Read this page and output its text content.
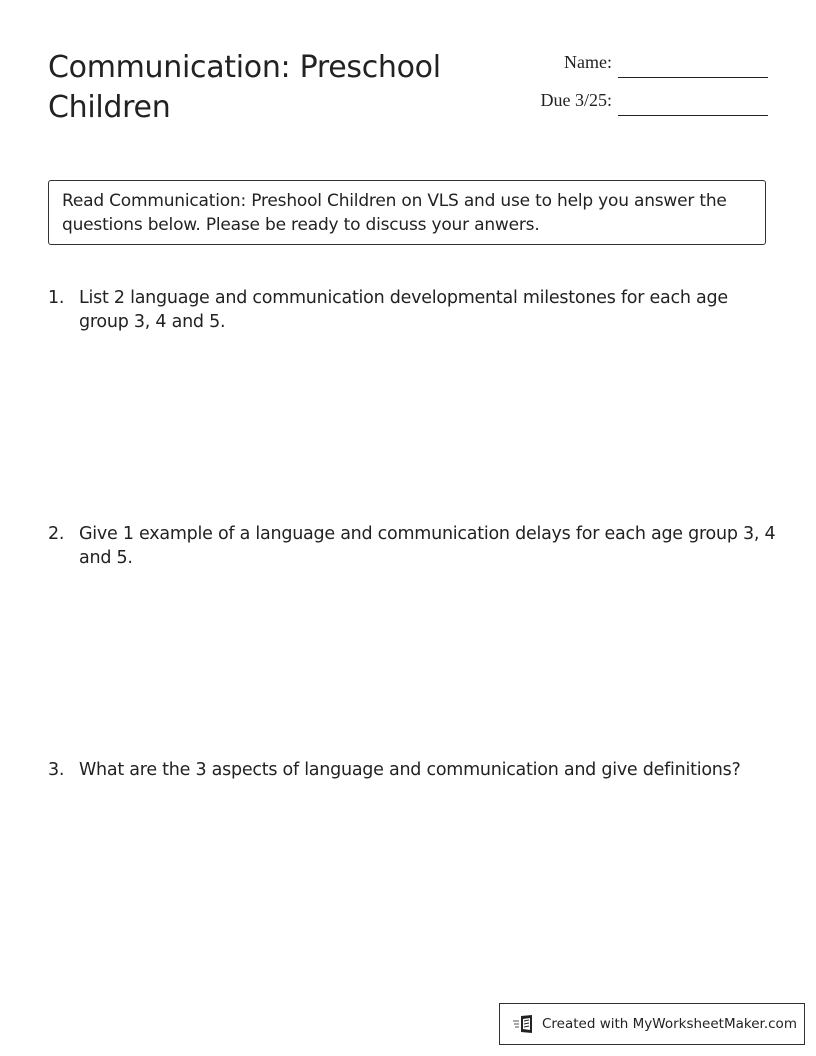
Communication: Preschool Children
Name:
Due 3/25:
Read Communication: Preshool Children on VLS and use to help you answer the questions below. Please be ready to discuss your anwers.
1. List 2 language and communication developmental milestones for each age group 3, 4 and 5.
2. Give 1 example of a language and communication delays for each age group 3, 4 and 5.
3. What are the 3 aspects of language and communication and give definitions?
Created with MyWorksheetMaker.com
